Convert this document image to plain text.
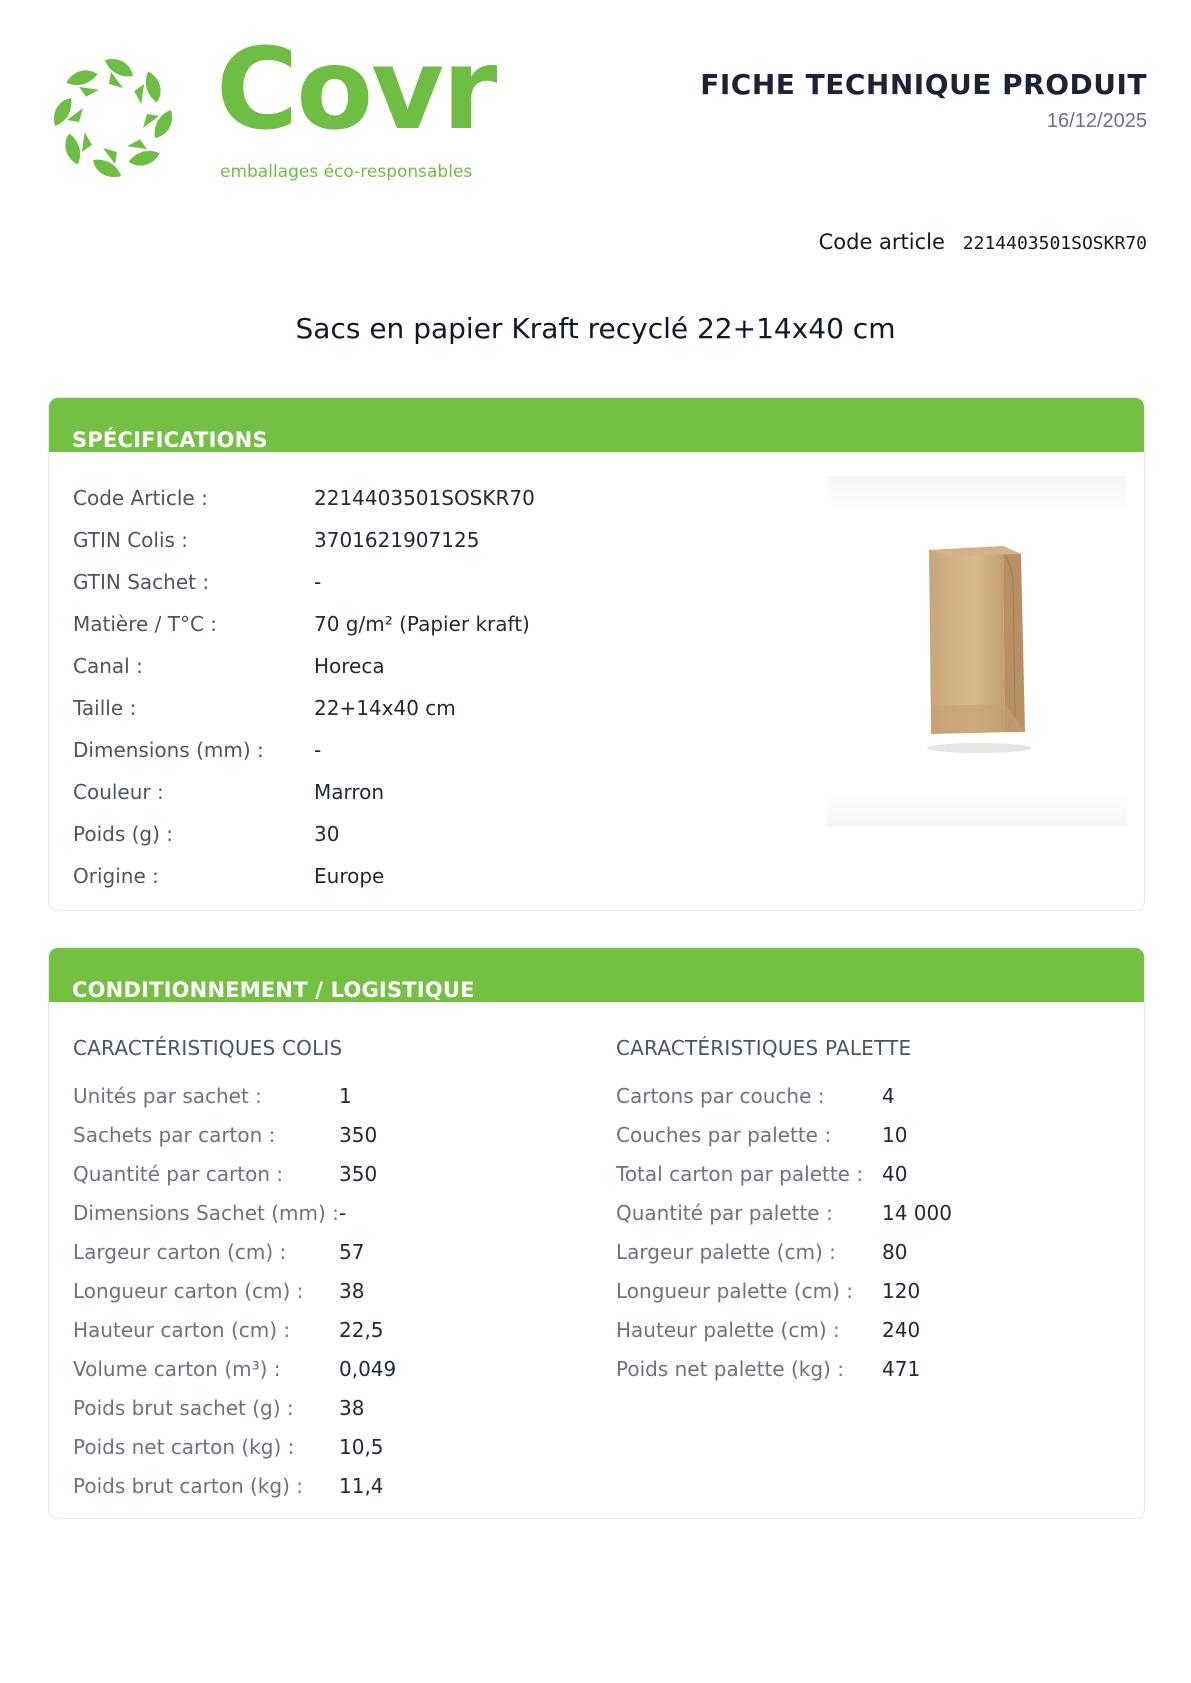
Covr
emballages éco-responsables
FICHE TECHNIQUE PRODUIT
16/12/2025
Code article 2214403501SOSKR70
Sacs en papier Kraft recyclé 22+14x40 cm
SPÉCIFICATIONS
Code Article :	2214403501SOSKR70
GTIN Colis :	3701621907125
GTIN Sachet :	-
Matière / T°C :	70 g/m² (Papier kraft)
Canal :	Horeca
Taille :	22+14x40 cm
Dimensions (mm) :	-
Couleur :	Marron
Poids (g) :	30
Origine :	Europe
CONDITIONNEMENT / LOGISTIQUE
CARACTÉRISTIQUES COLIS
Unités par sachet :	1
Sachets par carton :	350
Quantité par carton :	350
Dimensions Sachet (mm) : -
Largeur carton (cm) :	57
Longueur carton (cm) : 38
Hauteur carton (cm) : 22,5
Volume carton (m³) :	0,049
Poids brut sachet (g) : 38
Poids net carton (kg) : 10,5
Poids brut carton (kg) : 11,4
CARACTÉRISTIQUES PALETTE
Cartons par couche :	4
Couches par palette :	10
Total carton par palette : 40
Quantité par palette : 14 000
Largeur palette (cm) : 80
Longueur palette (cm) : 120
Hauteur palette (cm) : 240
Poids net palette (kg) : 471
